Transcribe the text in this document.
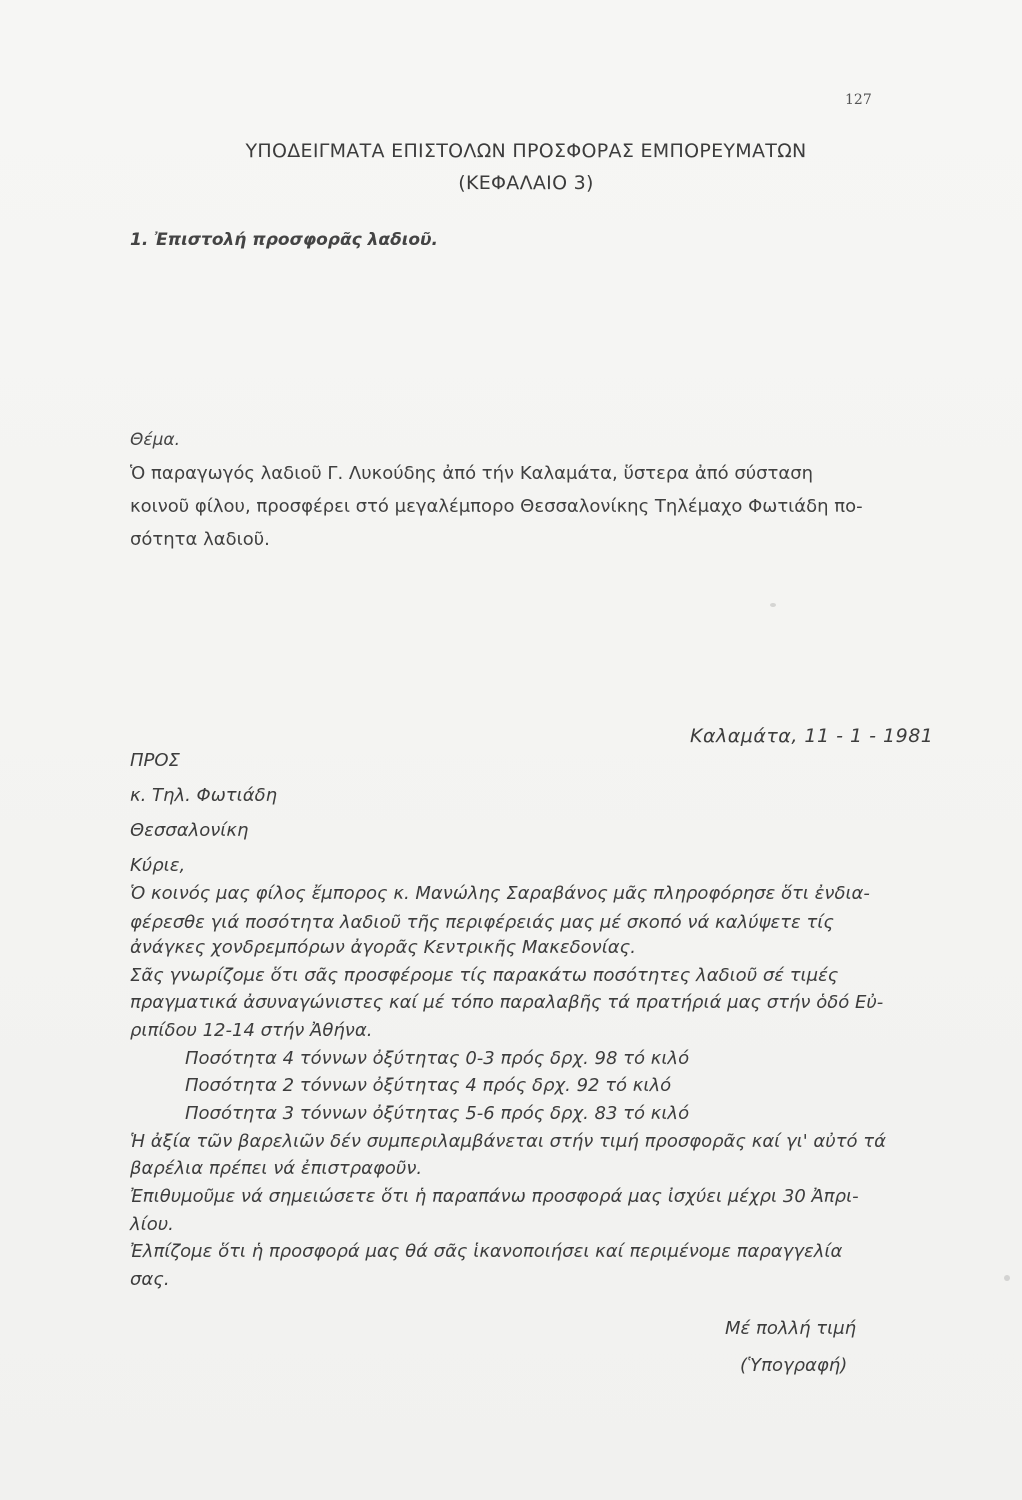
127
ΥΠΟΔΕΙΓΜΑΤΑ ΕΠΙΣΤΟΛΩΝ ΠΡΟΣΦΟΡΑΣ ΕΜΠΟΡΕΥΜΑΤΩΝ
(ΚΕΦΑΛΑΙΟ 3)
1. Ἐπιστολή προσφορᾶς λαδιοῦ.
Θέμα.
Ὁ παραγωγός λαδιοῦ Γ. Λυκούδης ἀπό τήν Καλαμάτα, ὕστερα ἀπό σύσταση
κοινοῦ φίλου, προσφέρει στό μεγαλέμπορο Θεσσαλονίκης Τηλέμαχο Φωτιάδη πο-
σότητα λαδιοῦ.
Καλαμάτα, 11 - 1 - 1981
ΠΡΟΣ
κ. Τηλ. Φωτιάδη
Θεσσαλονίκη
Κύριε,
Ὁ κοινός μας φίλος ἔμπορος κ. Μανώλης Σαραβάνος μᾶς πληροφόρησε ὅτι ἐνδια-
φέρεσθε γιά ποσότητα λαδιοῦ τῆς περιφέρειάς μας μέ σκοπό νά καλύψετε τίς
ἀνάγκες χονδρεμπόρων ἀγορᾶς Κεντρικῆς Μακεδονίας.
Σᾶς γνωρίζομε ὅτι σᾶς προσφέρομε τίς παρακάτω ποσότητες λαδιοῦ σέ τιμές
πραγματικά ἀσυναγώνιστες καί μέ τόπο παραλαβῆς τά πρατήριά μας στήν ὁδό Εὐ-
ριπίδου 12-14 στήν Ἀθήνα.
Ποσότητα 4 τόννων ὀξύτητας 0-3 πρός δρχ. 98 τό κιλό
Ποσότητα 2 τόννων ὀξύτητας 4 πρός δρχ. 92 τό κιλό
Ποσότητα 3 τόννων ὀξύτητας 5-6 πρός δρχ. 83 τό κιλό
Ἡ ἀξία τῶν βαρελιῶν δέν συμπεριλαμβάνεται στήν τιμή προσφορᾶς καί γι' αὐτό τά
βαρέλια πρέπει νά ἐπιστραφοῦν.
Ἐπιθυμοῦμε νά σημειώσετε ὅτι ἡ παραπάνω προσφορά μας ἰσχύει μέχρι 30 Ἀπρι-
λίου.
Ἐλπίζομε ὅτι ἡ προσφορά μας θά σᾶς ἱκανοποιήσει καί περιμένομε παραγγελία
σας.
Μέ πολλή τιμή
(Ὑπογραφή)
